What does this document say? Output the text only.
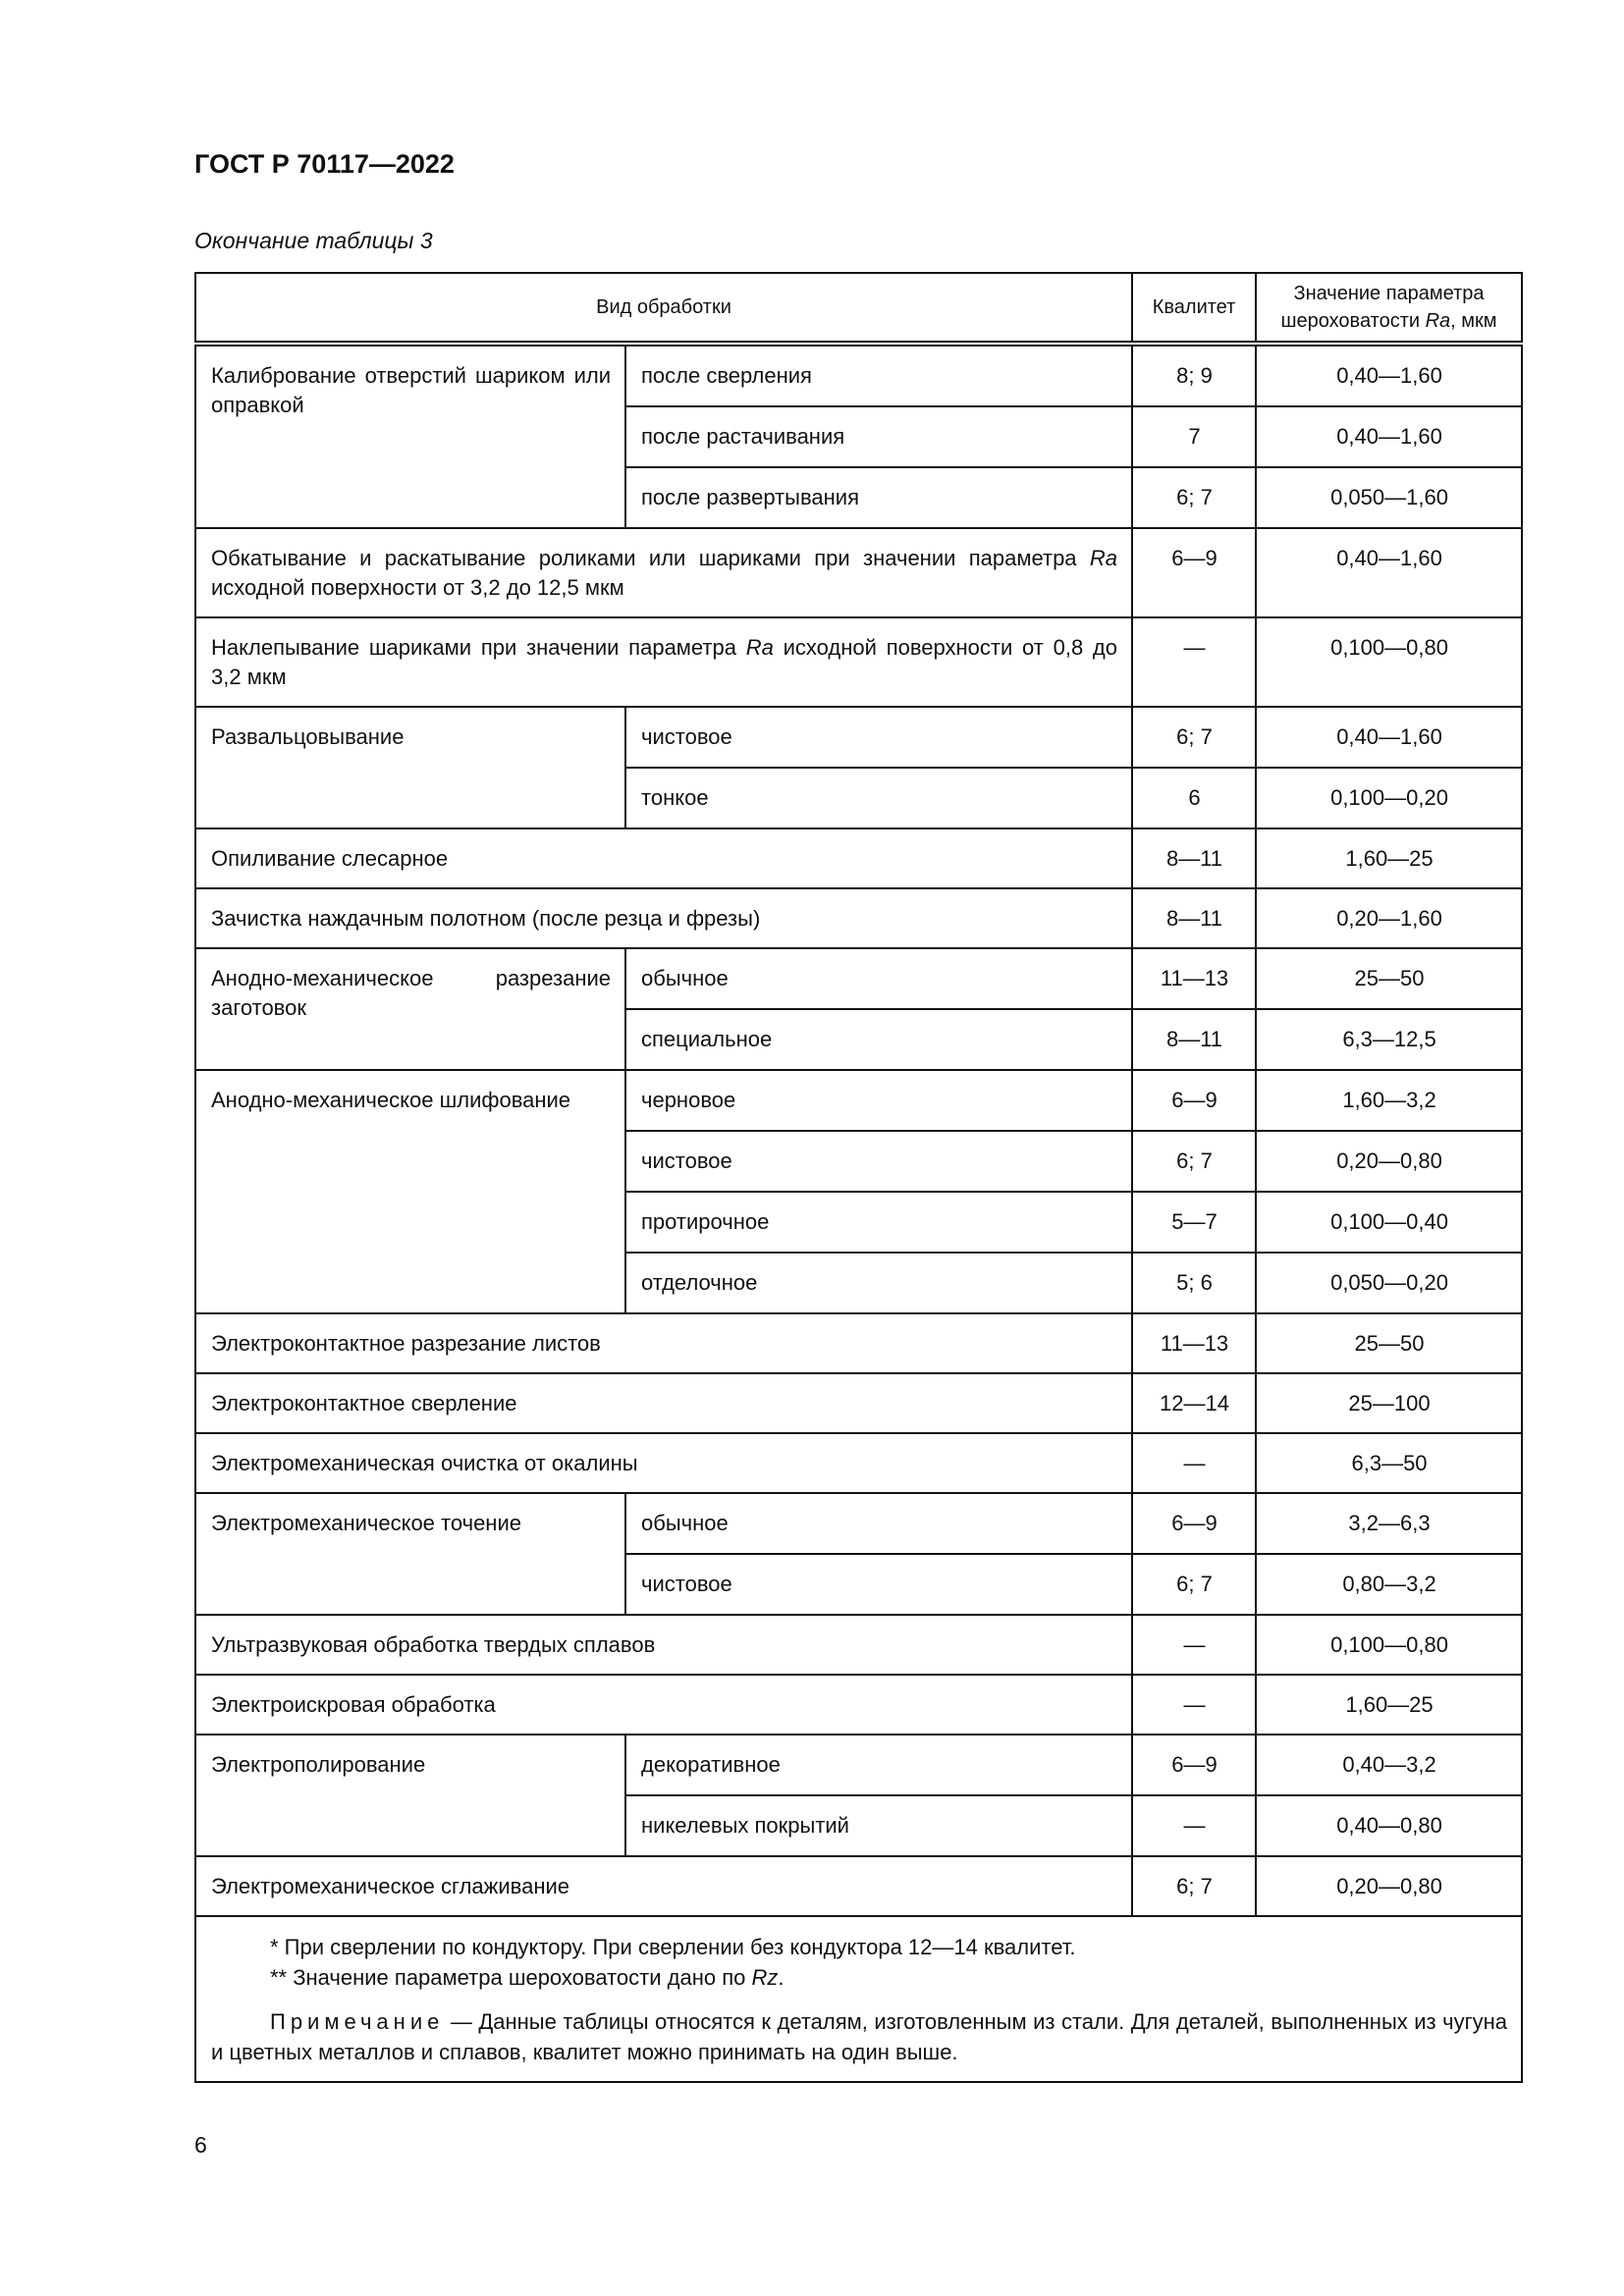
ГОСТ Р 70117—2022
Окончание таблицы 3
Вид обработки		Квалитет	Значение параметра шероховатости Ra, мкм
Калибрование отверстий шариком или оправкой	после сверления	8; 9	0,40—1,60
	после растачивания	7	0,40—1,60
	после развертывания	6; 7	0,050—1,60
Обкатывание и раскатывание роликами или шариками при значении параметра Ra исходной поверхности от 3,2 до 12,5 мкм		6—9	0,40—1,60
Наклепывание шариками при значении параметра Ra исходной поверхности от 0,8 до 3,2 мкм		—	0,100—0,80
Развальцовывание	чистовое	6; 7	0,40—1,60
	тонкое	6	0,100—0,20
Опиливание слесарное		8—11	1,60—25
Зачистка наждачным полотном (после резца и фрезы)		8—11	0,20—1,60
Анодно-механическое разрезание заготовок	обычное	11—13	25—50
	специальное	8—11	6,3—12,5
Анодно-механическое шлифование	черновое	6—9	1,60—3,2
	чистовое	6; 7	0,20—0,80
	протирочное	5—7	0,100—0,40
	отделочное	5; 6	0,050—0,20
Электроконтактное разрезание листов		11—13	25—50
Электроконтактное сверление		12—14	25—100
Электромеханическая очистка от окалины		—	6,3—50
Электромеханическое точение	обычное	6—9	3,2—6,3
	чистовое	6; 7	0,80—3,2
Ультразвуковая обработка твердых сплавов		—	0,100—0,80
Электроискровая обработка		—	1,60—25
Электрополирование	декоративное	6—9	0,40—3,2
	никелевых покрытий	—	0,40—0,80
Электромеханическое сглаживание		6; 7	0,20—0,80

* При сверлении по кондуктору. При сверлении без кондуктора 12—14 квалитет.

** Значение параметра шероховатости дано по Rz.

Примечание — Данные таблицы относятся к деталям, изготовленным из стали. Для деталей, выполненных из чугуна и цветных металлов и сплавов, квалитет можно принимать на один выше.			

6
